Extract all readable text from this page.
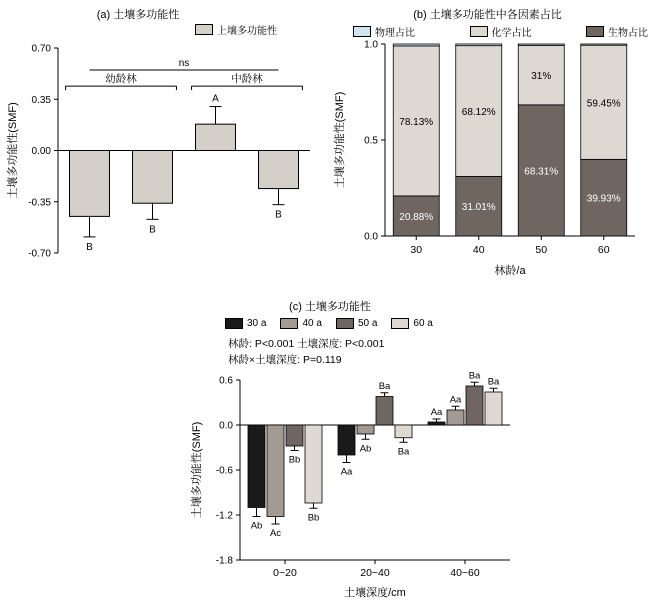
(a) 土壤多功能性
上壤多功能性
0.70
0.35
0.00
-0.35
-0.70
土壤多功能性(SMF)
B
B
A
B
ns
幼龄林	中龄林
(b) 土壤多功能性中各因素占比
物理占比	化学占比	生物占比
1.0
0.5
0.0
土壤多功能性(SMF)
20.88%
78.13%
30
31.01%
68.12%
40
68.31%
31%
50
39.93%
59.45%
60
林龄/a
(c) 土壤多功能性
30 a	40 a	50 a	60 a
林龄: P<0.001 土壤深度: P<0.001
林龄×土壤深度: P=0.119
0.6
0.0
-0.6
-1.2
-1.8
土壤多功能性(SMF)
Ab
Ac
Bb
Bb
0~20
Aa
Ab
Ba
Ba
20~40
Aa
Aa
Ba
Ba
40~60
土壤深度/cm
